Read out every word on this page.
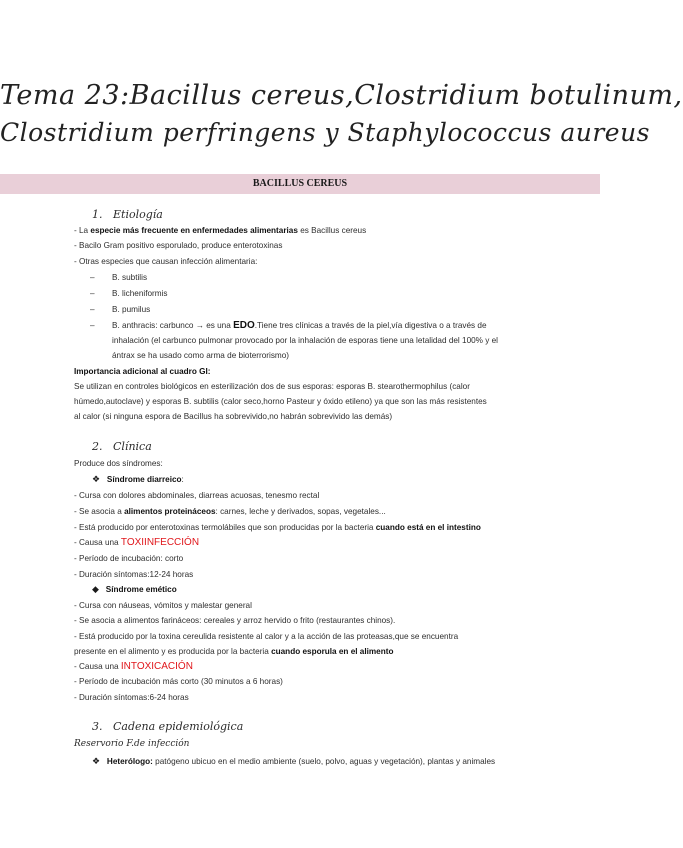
Tema 23:Bacillus cereus,Clostridium botulinum,
Clostridium perfringens y Staphylococcus aureus
BACILLUS CEREUS
1. Etiología
- La especie más frecuente en enfermedades alimentarias es Bacillus cereus
- Bacilo Gram positivo esporulado, produce enterotoxinas
- Otras especies que causan infección alimentaria:
– B. subtilis
– B. licheniformis
– B. pumilus
– B. anthracis: carbunco → es una EDO.Tiene tres clínicas a través de la piel,vía digestiva o a través de
inhalación (el carbunco pulmonar provocado por la inhalación de esporas tiene una letalidad del 100% y el
ántrax se ha usado como arma de bioterrorismo)
Importancia adicional al cuadro GI:
Se utilizan en controles biológicos en esterilización dos de sus esporas: esporas B. stearothermophilus (calor
húmedo,autoclave) y esporas B. subtilis (calor seco,horno Pasteur y óxido etileno) ya que son las más resistentes
al calor (si ninguna espora de Bacillus ha sobrevivido,no habrán sobrevivido las demás)
2. Clínica
Produce dos síndromes:
❖ Síndrome diarreico:
- Cursa con dolores abdominales, diarreas acuosas, tenesmo rectal
- Se asocia a alimentos proteináceos: carnes, leche y derivados, sopas, vegetales...
- Está producido por enterotoxinas termolábiles que son producidas por la bacteria cuando está en el intestino
- Causa una TOXIINFECCIÓN
- Período de incubación: corto
- Duración síntomas:12-24 horas
◆ Síndrome emético
- Cursa con náuseas, vómitos y malestar general
- Se asocia a alimentos farináceos: cereales y arroz hervido o frito (restaurantes chinos).
- Está producido por la toxina cereulida resistente al calor y a la acción de las proteasas,que se encuentra
presente en el alimento y es producida por la bacteria cuando esporula en el alimento
- Causa una INTOXICACIÓN
- Período de incubación más corto (30 minutos a 6 horas)
- Duración síntomas:6-24 horas
3. Cadena epidemiológica
Reservorio F.de infección
❖ Heterólogo: patógeno ubicuo en el medio ambiente (suelo, polvo, aguas y vegetación), plantas y animales
